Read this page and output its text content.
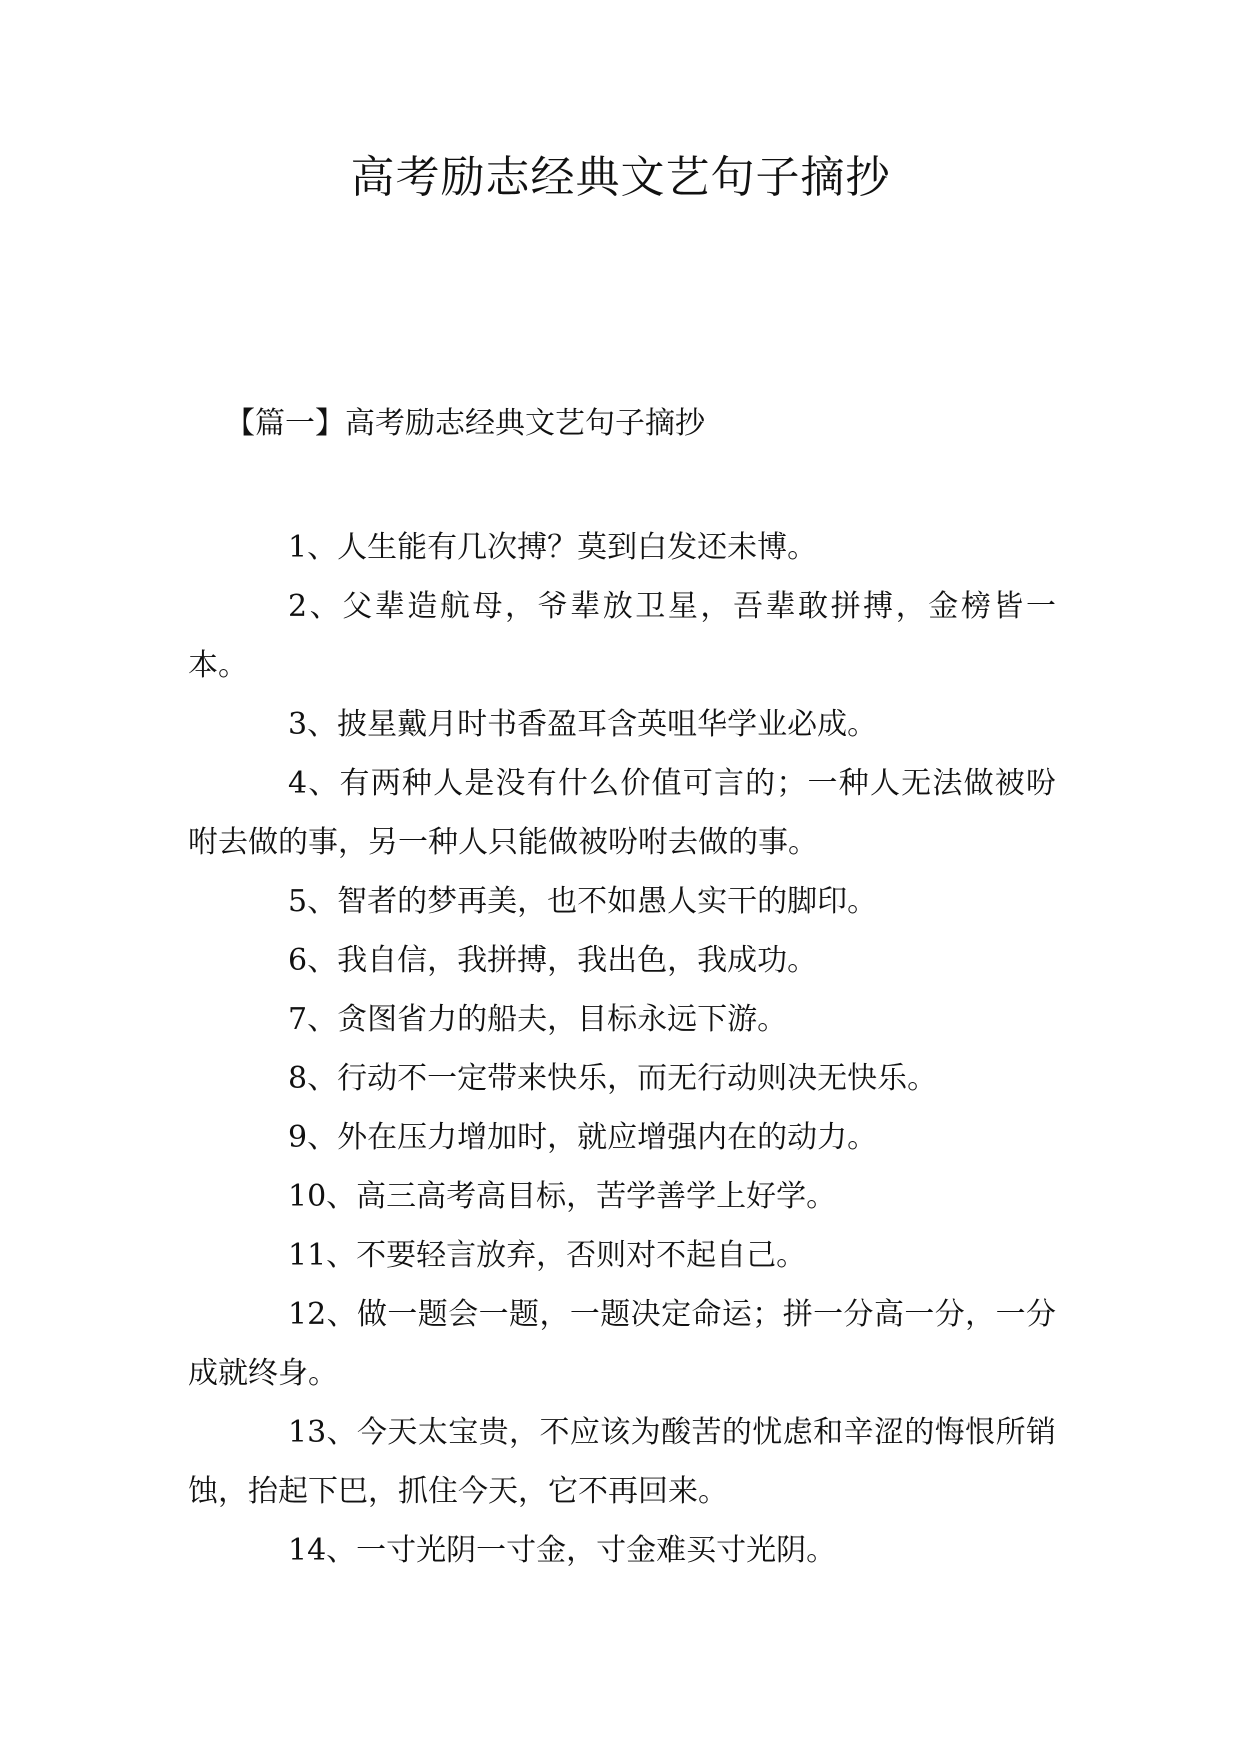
高考励志经典文艺句子摘抄
【篇一】高考励志经典文艺句子摘抄
1、人生能有几次搏？莫到白发还未博。
2、父辈造航母，爷辈放卫星，吾辈敢拼搏，金榜皆一本。
3、披星戴月时书香盈耳含英咀华学业必成。
4、有两种人是没有什么价值可言的；一种人无法做被吩咐去做的事，另一种人只能做被吩咐去做的事。
5、智者的梦再美，也不如愚人实干的脚印。
6、我自信，我拼搏，我出色，我成功。
7、贪图省力的船夫，目标永远下游。
8、行动不一定带来快乐，而无行动则决无快乐。
9、外在压力增加时，就应增强内在的动力。
10、高三高考高目标，苦学善学上好学。
11、不要轻言放弃，否则对不起自己。
12、做一题会一题，一题决定命运；拼一分高一分，一分成就终身。
13、今天太宝贵，不应该为酸苦的忧虑和辛涩的悔恨所销蚀，抬起下巴，抓住今天，它不再回来。
14、一寸光阴一寸金，寸金难买寸光阴。
